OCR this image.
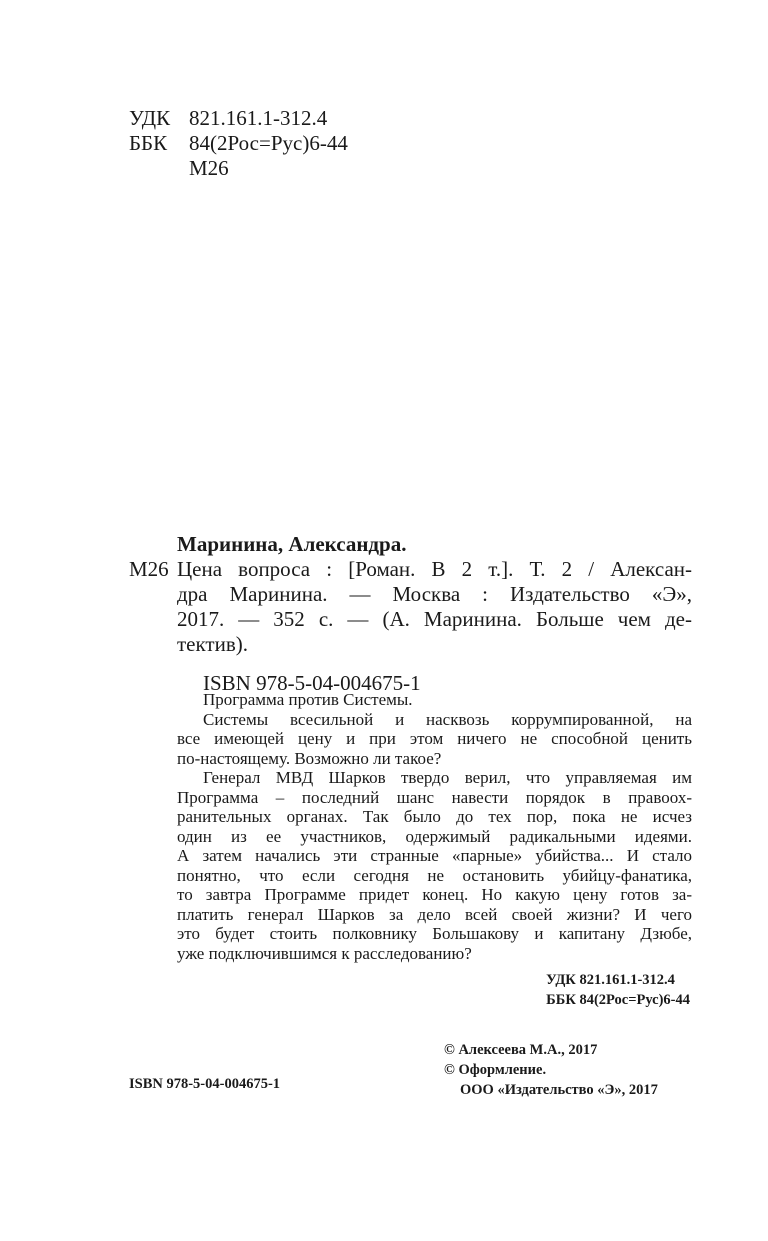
УДК 821.161.1-312.4
ББК	84(2Рос=Рус)6-44
М26
М26
Маринина, Александра.
Цена вопроса : [Роман. В 2 т.]. Т. 2 / Алексан-
дра Маринина. — Москва : Издательство «Э»,
2017. — 352 с. — (А. Маринина. Больше чем де-
тектив).
ISBN 978-5-04-004675-1

Программа против Системы.

Системы всесильной и насквозь коррумпированной, на
все имеющей цену и при этом ничего не способной ценить
по-настоящему. Возможно ли такое?

Генерал МВД Шарков твердо верил, что управляемая им
Программа – последний шанс навести порядок в правоох-
ранительных органах. Так было до тех пор, пока не исчез
один из ее участников, одержимый радикальными идеями.
А затем начались эти странные «парные» убийства... И стало
понятно, что если сегодня не остановить убийцу-фанатика,
то завтра Программе придет конец. Но какую цену готов за-
платить генерал Шарков за дело всей своей жизни? И чего
это будет стоить полковнику Большакову и капитану Дзюбе,
уже подключившимся к расследованию?

УДК 821.161.1-312.4
ББК 84(2Рос=Рус)6-44
© Алексеева М.А., 2017
© Оформление.
ООО «Издательство «Э», 2017
ISBN 978-5-04-004675-1
